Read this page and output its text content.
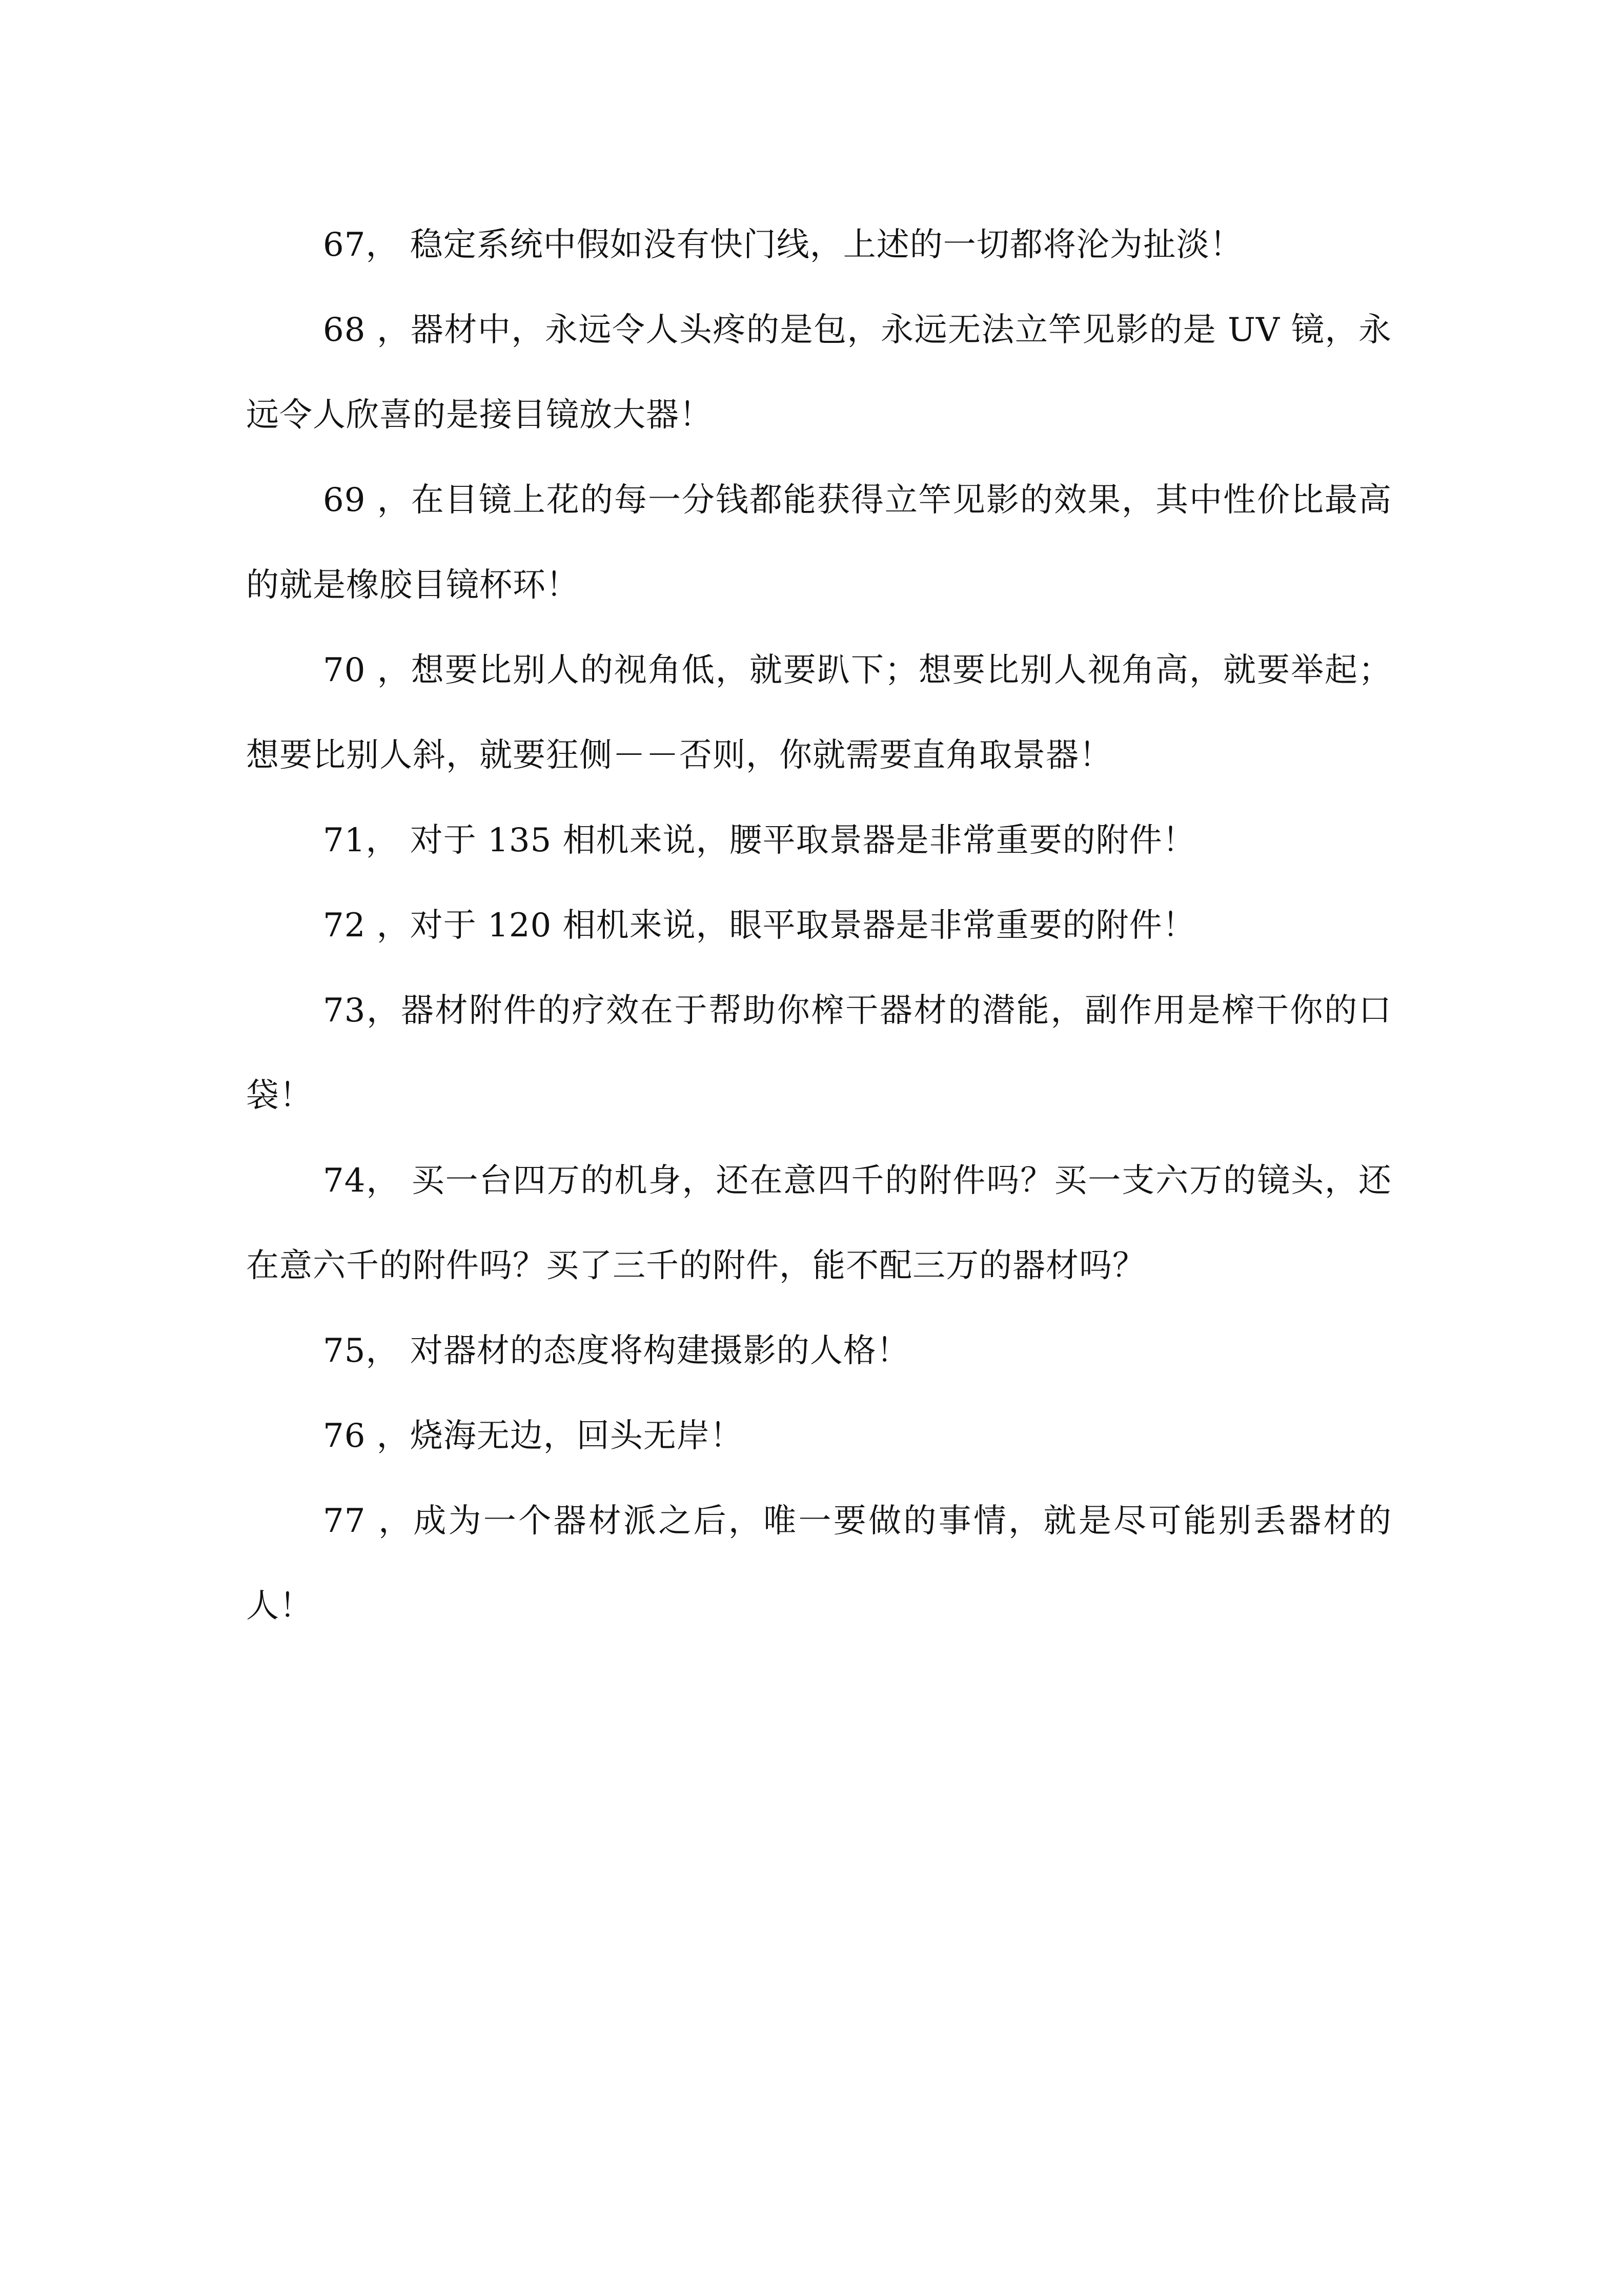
67， 稳定系统中假如没有快门线，上述的一切都将沦为扯淡！

68 ，器材中，永远令人头疼的是包，永远无法立竿见影的是 UV 镜，永远令人欣喜的是接目镜放大器！

69 ，在目镜上花的每一分钱都能获得立竿见影的效果，其中性价比最高的就是橡胶目镜杯环！

70 ，想要比别人的视角低，就要趴下；想要比别人视角高，就要举起；想要比别人斜，就要狂侧－－否则，你就需要直角取景器！

71， 对于 135 相机来说，腰平取景器是非常重要的附件！

72 ，对于 120 相机来说，眼平取景器是非常重要的附件！

73，器材附件的疗效在于帮助你榨干器材的潜能，副作用是榨干你的口袋！

74， 买一台四万的机身，还在意四千的附件吗？买一支六万的镜头，还在意六千的附件吗？买了三千的附件，能不配三万的器材吗？

75， 对器材的态度将构建摄影的人格！

76 ，烧海无边，回头无岸！

77 ，成为一个器材派之后，唯一要做的事情，就是尽可能别丢器材的人！
